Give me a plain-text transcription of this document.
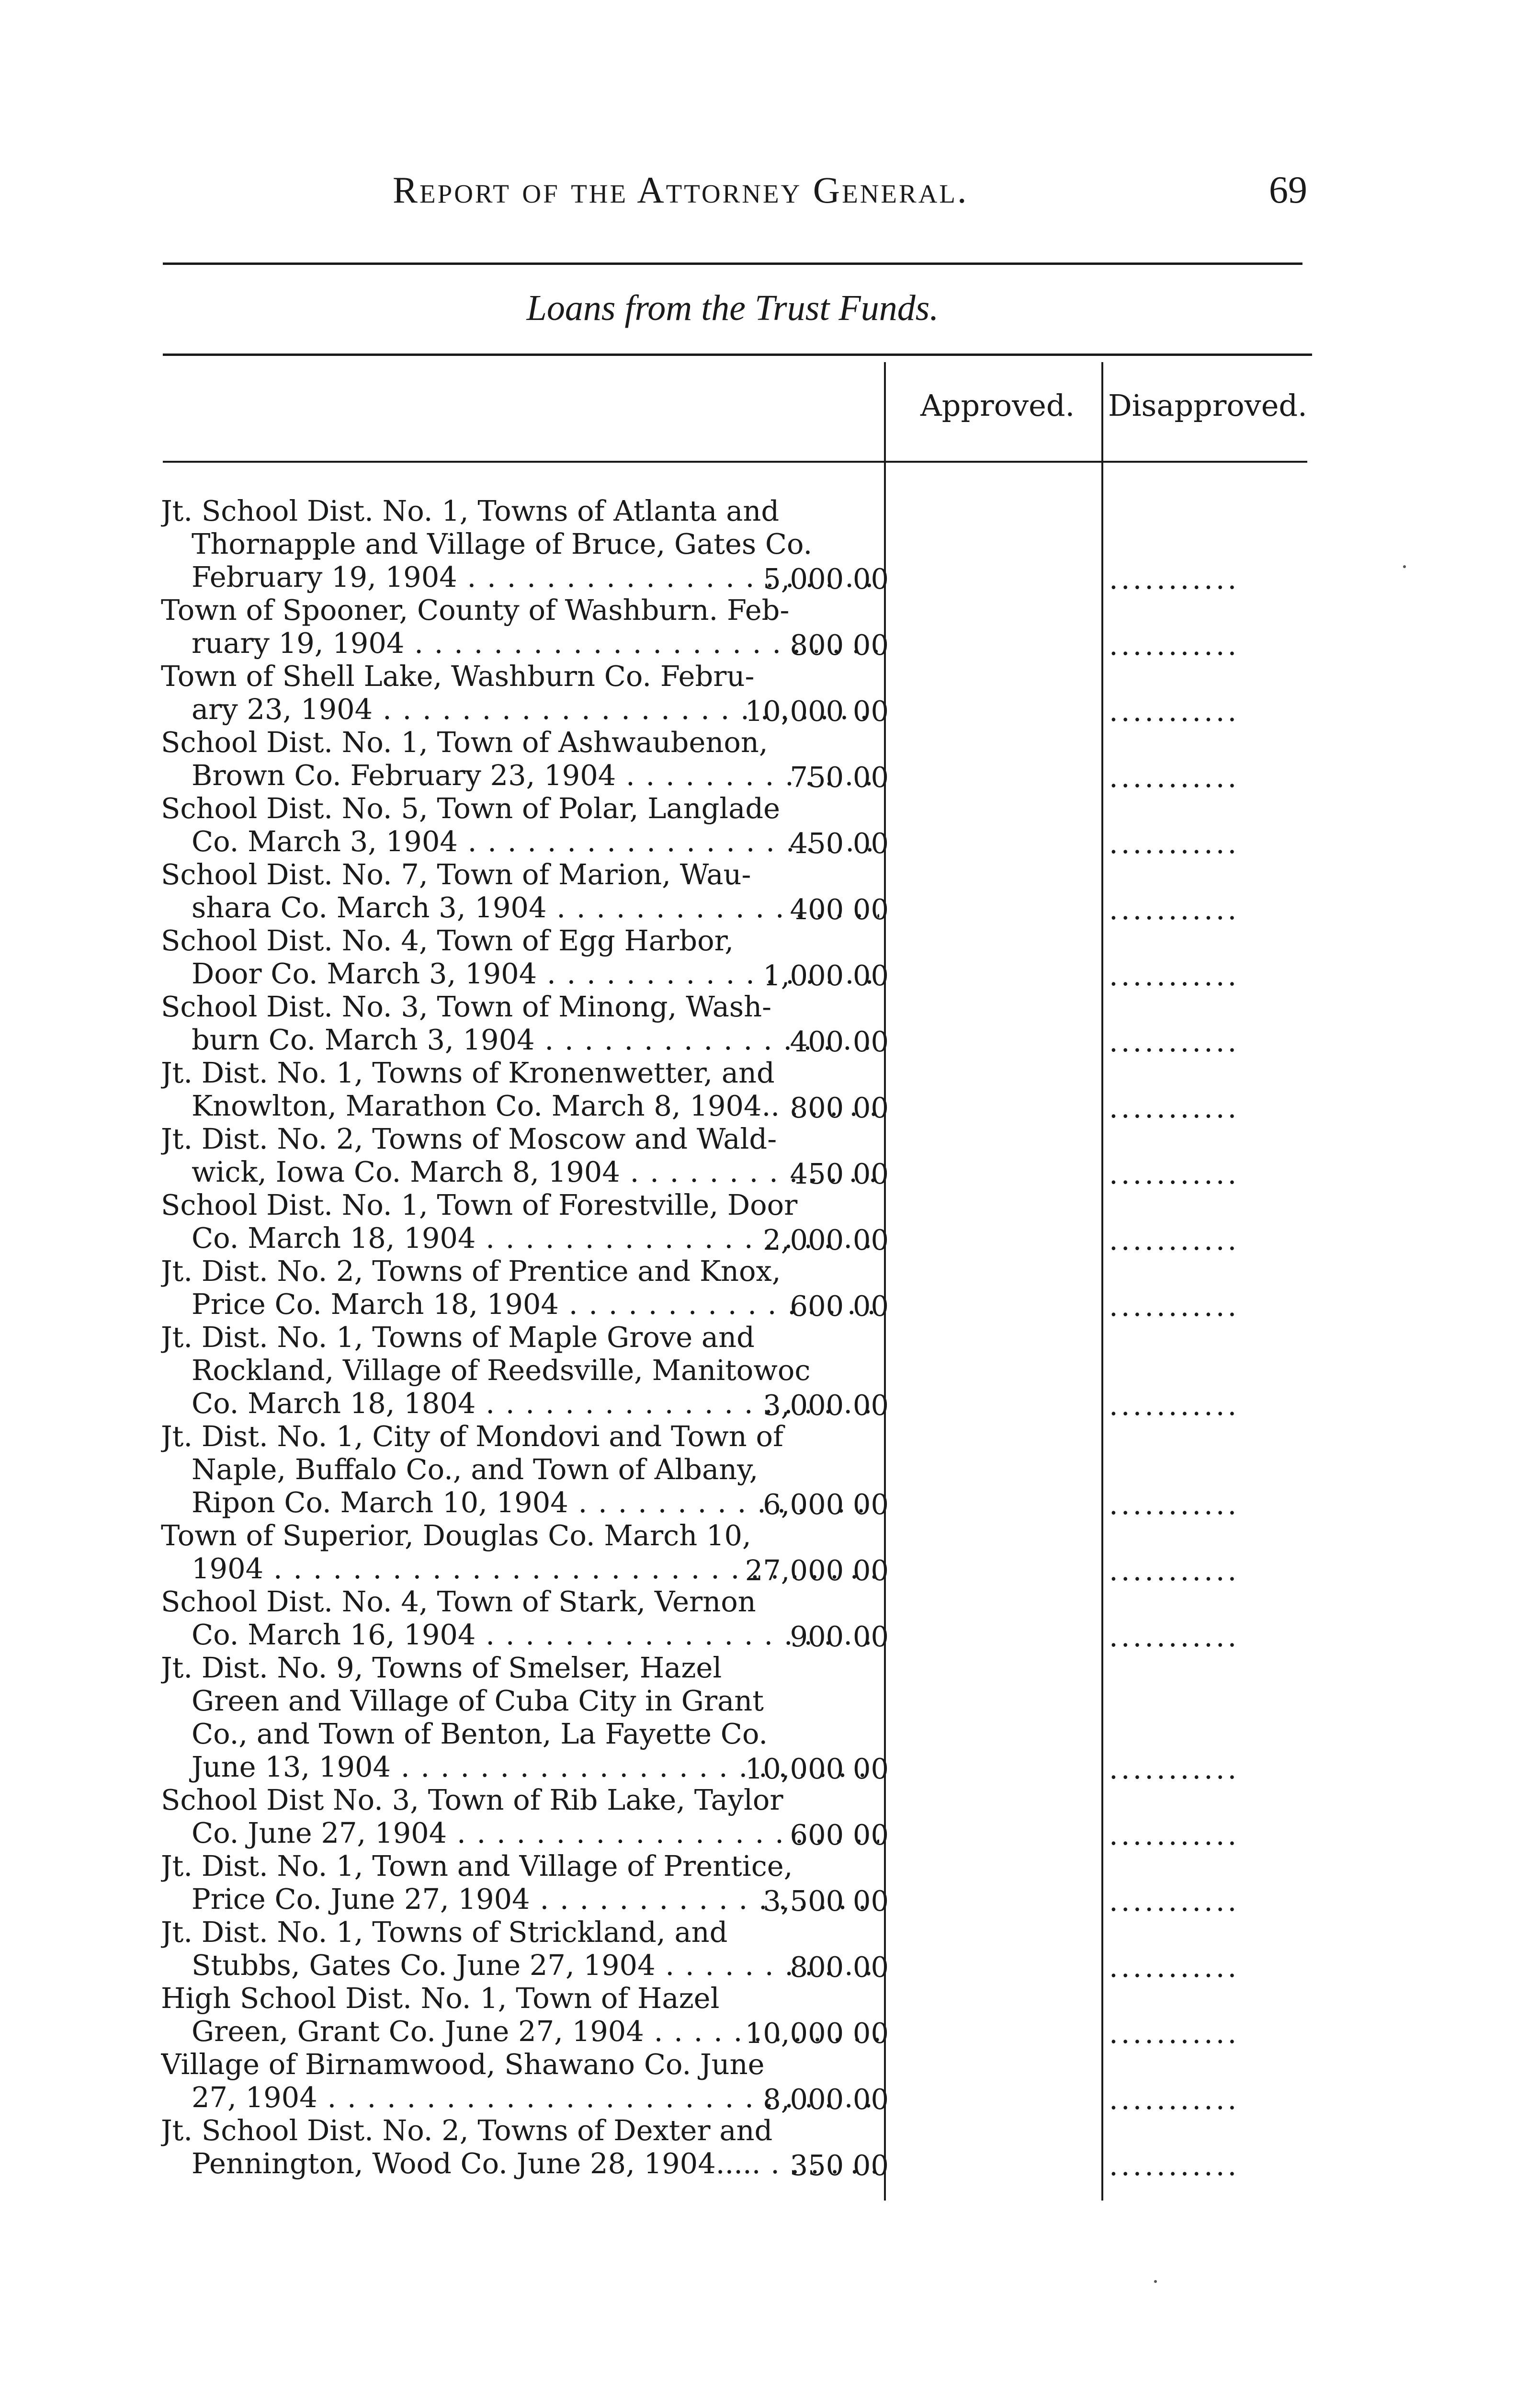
Report of the Attorney General.	69
Loans from the Trust Funds.
Approved. Disapproved.
Jt. School Dist. No. 1, Towns of Atlanta and
Thornapple and Village of Bruce, Gates Co.
February 19, 1904 . . .	5,000 00	...........
Town of Spooner, County of Washburn. Feb-
ruary 19, 1904 . . .	800 00	...........
Town of Shell Lake, Washburn Co. Febru-
ary 23, 1904 . . .	10,000 00	...........
School Dist. No. 1, Town of Ashwaubenon,
Brown Co. February 23, 1904 . . .	750 00	...........
School Dist. No. 5, Town of Polar, Langlade
Co. March 3, 1904 . . .	450 00	...........
School Dist. No. 7, Town of Marion, Wau-
shara Co. March 3, 1904 . . .	400 00	...........
School Dist. No. 4, Town of Egg Harbor,
Door Co. March 3, 1904 . . .	1,000 00	...........
School Dist. No. 3, Town of Minong, Wash-
burn Co. March 3, 1904 . . .	400 00	...........
Jt. Dist. No. 1, Towns of Kronenwetter, and
Knowlton, Marathon Co. March 8, 1904.. . . . 800 00	...........
Jt. Dist. No. 2, Towns of Moscow and Wald-
wick, Iowa Co. March 8, 1904 . . .	450 00	...........
School Dist. No. 1, Town of Forestville, Door
Co. March 18, 1904 . . .	2,000 00	...........
Jt. Dist. No. 2, Towns of Prentice and Knox,
Price Co. March 18, 1904 . . .	600 00	...........
Jt. Dist. No. 1, Towns of Maple Grove and
Rockland, Village of Reedsville, Manitowoc
Co. March 18, 1804 . . .	3,000 00	...........
Jt. Dist. No. 1, City of Mondovi and Town of
Naple, Buffalo Co., and Town of Albany,
Ripon Co. March 10, 1904 . . .	6,000 00	...........
Town of Superior, Douglas Co. March 10,
1904 . . .	27,000 00	...........
School Dist. No. 4, Town of Stark, Vernon
Co. March 16, 1904 . . .	900 00	...........
Jt. Dist. No. 9, Towns of Smelser, Hazel
Green and Village of Cuba City in Grant
Co., and Town of Benton, La Fayette Co.
June 13, 1904 . . .	10,000 00	...........
School Dist No. 3, Town of Rib Lake, Taylor
Co. June 27, 1904 . . .	600 00	...........
Jt. Dist. No. 1, Town and Village of Prentice,
Price Co. June 27, 1904 . . .	3,500 00	...........
Jt. Dist. No. 1, Towns of Strickland, and
Stubbs, Gates Co. June 27, 1904 . . .	800 00	...........
High School Dist. No. 1, Town of Hazel
Green, Grant Co. June 27, 1904 . . .	10,000 00	...........
Village of Birnamwood, Shawano Co. June
27, 1904 . . .	8,000 00	...........
Jt. School Dist. No. 2, Towns of Dexter and
Pennington, Wood Co. June 28, 1904..... . . .	350 00	...........
